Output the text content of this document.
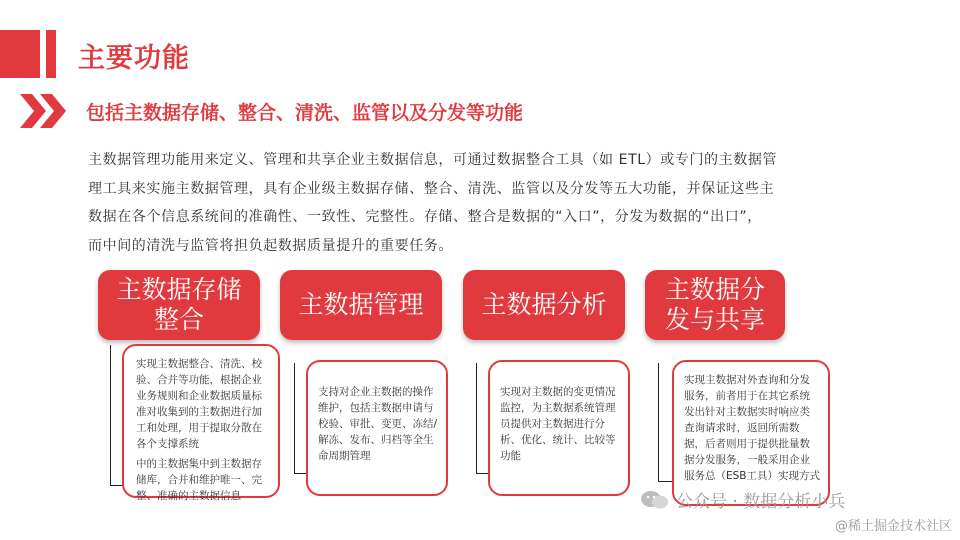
主要功能
包括主数据存储、整合、清洗、监管以及分发等功能
主数据管理功能用来定义、管理和共享企业主数据信息，可通过数据整合工具（如 ETL）或专门的主数据管
理工具来实施主数据管理，具有企业级主数据存储、整合、清洗、监管以及分发等五大功能，并保证这些主
数据在各个信息系统间的准确性、一致性、完整性。存储、整合是数据的“入口”，分发为数据的“出口”，
而中间的清洗与监管将担负起数据质量提升的重要任务。
主数据存储
整合

实现主数据整合、清洗、校验、合并等功能，根据企业业务规则和企业数据质量标准对收集到的主数据进行加工和处理，用于提取分散在各个支撑系统

中的主数据集中到主数据存储库，合并和维护唯一、完整、准确的主数据信息

主数据管理

支持对企业主数据的操作维护，包括主数据申请与校验、审批、变更、冻结/解冻、发布、归档等全生命周期管理

主数据分析

实现对主数据的变更情况监控，为主数据系统管理员提供对主数据进行分析、优化、统计、比较等功能

主数据分
发与共享

实现主数据对外查询和分发服务，前者用于在其它系统发出针对主数据实时响应类查询请求时，返回所需数据，后者则用于提供批量数据分发服务，一般采用企业服务总（ESB工具）实现方式

公众号 · 数据分析小兵
@稀土掘金技术社区
